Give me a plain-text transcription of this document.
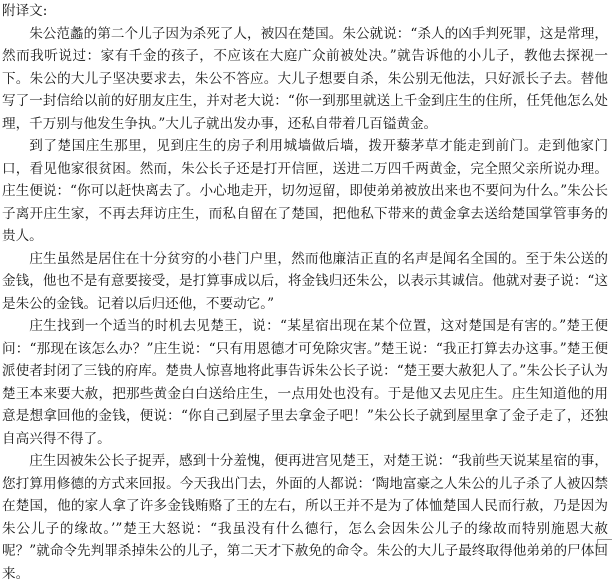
附译文:

朱公范蠡的第二个儿子因为杀死了人，被囚在楚国。朱公就说：“杀人的凶手判死罪，这是常理，然而我听说过：家有千金的孩子，不应该在大庭广众前被处决。”就告诉他的小儿子，教他去探视一下。朱公的大儿子坚决要求去，朱公不答应。大儿子想要自杀，朱公别无他法，只好派长子去。替他写了一封信给以前的好朋友庄生，并对老大说：“你一到那里就送上千金到庄生的住所，任凭他怎么处理，千万别与他发生争执。”大儿子就出发办事，还私自带着几百镒黄金。

到了楚国庄生那里，见到庄生的房子利用城墙做后墙，拨开藜茅草才能走到前门。走到他家门口，看见他家很贫困。然而，朱公长子还是打开信匣，送进二万四千两黄金，完全照父亲所说办理。庄生便说：“你可以赶快离去了。小心地走开，切勿逗留，即使弟弟被放出来也不要问为什么。”朱公长子离开庄生家，不再去拜访庄生，而私自留在了楚国，把他私下带来的黄金拿去送给楚国掌管事务的贵人。

庄生虽然是居住在十分贫穷的小巷门户里，然而他廉洁正直的名声是闻名全国的。至于朱公送的金钱，他也不是有意要接受，是打算事成以后，将金钱归还朱公，以表示其诚信。他就对妻子说：“这是朱公的金钱。记着以后归还他，不要动它。”

庄生找到一个适当的时机去见楚王，说：“某星宿出现在某个位置，这对楚国是有害的。”楚王便问：“那现在该怎么办？”庄生说：“只有用恩德才可免除灾害。”楚王说：“我正打算去办这事。”楚王便派使者封闭了三钱的府库。楚贵人惊喜地将此事告诉朱公长子说：“楚王要大赦犯人了。”朱公长子认为楚王本来要大赦，把那些黄金白白送给庄生，一点用处也没有。于是他又去见庄生。庄生知道他的用意是想拿回他的金钱，便说：“你自己到屋子里去拿金子吧！”朱公长子就到屋里拿了金子走了，还独自高兴得不得了。

庄生因被朱公长子捉弄，感到十分羞愧，便再进宫见楚王，对楚王说：“我前些天说某星宿的事，您打算用修德的方式来回报。今天我出门去，外面的人都说：‘陶地富豪之人朱公的儿子杀了人被囚禁在楚国，他的家人拿了许多金钱贿赂了王的左右，所以王并不是为了体恤楚国人民而行赦，乃是因为朱公儿子的缘故。’”楚王大怒说：“我虽没有什么德行，怎么会因朱公儿子的缘故而特别施恩大赦呢？”就命令先判罪杀掉朱公的儿子，第二天才下赦免的命令。朱公的大儿子最终取得他弟弟的尸体回来。
